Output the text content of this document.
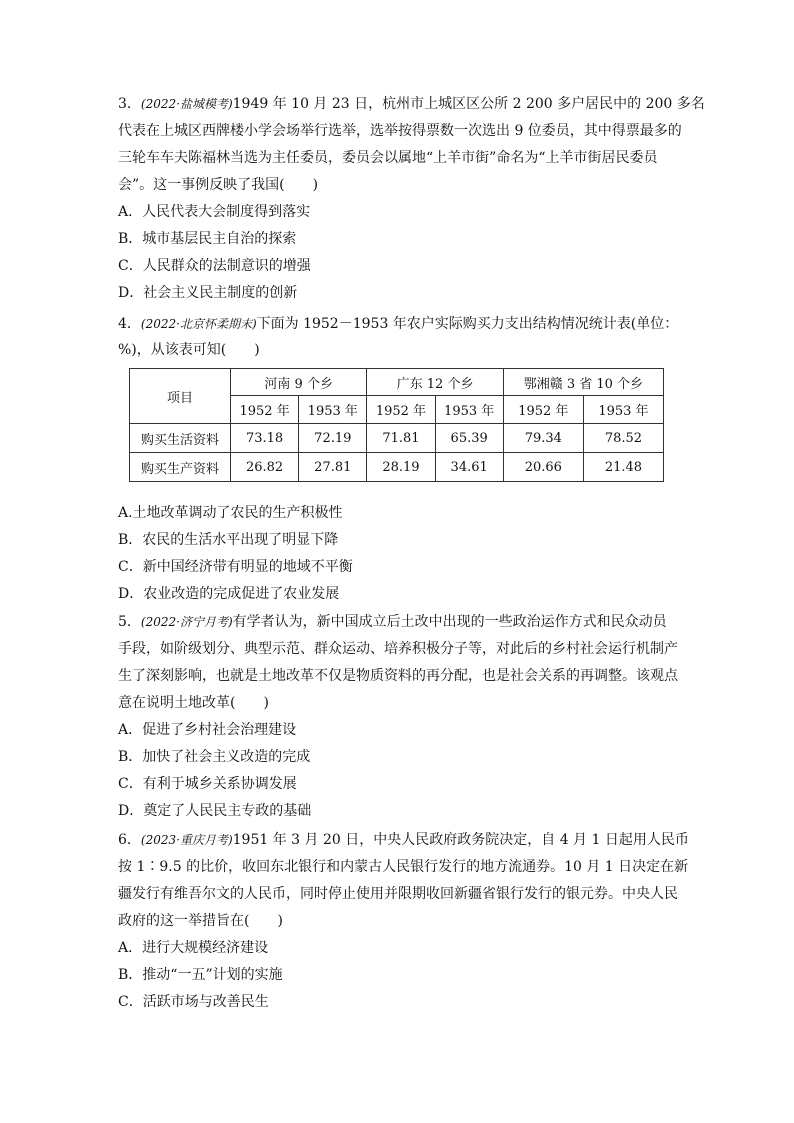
3．(2022·盐城模考)1949 年 10 月 23 日，杭州市上城区区公所 2 200 多户居民中的 200 多名
代表在上城区西牌楼小学会场举行选举，选举按得票数一次选出 9 位委员，其中得票最多的
三轮车车夫陈福林当选为主任委员，委员会以属地“上羊市街”命名为“上羊市街居民委员
会”。这一事例反映了我国(　　)
A．人民代表大会制度得到落实
B．城市基层民主自治的探索
C．人民群众的法制意识的增强
D．社会主义民主制度的创新
4．(2022·北京怀柔期末)下面为 1952－1953 年农户实际购买力支出结构情况统计表(单位：
%)，从该表可知(　　)
项目	河南 9 个乡		广东 12 个乡		鄂湘赣 3 省 10 个乡	
	1952 年	1953 年	1952 年	1953 年	1952 年	1953 年
购买生活资料	73.18	72.19	71.81	65.39	79.34	78.52
购买生产资料	26.82	27.81	28.19	34.61	20.66	21.48
A.土地改革调动了农民的生产积极性
B．农民的生活水平出现了明显下降
C．新中国经济带有明显的地域不平衡
D．农业改造的完成促进了农业发展
5．(2022·济宁月考)有学者认为，新中国成立后土改中出现的一些政治运作方式和民众动员
手段，如阶级划分、典型示范、群众运动、培养积极分子等，对此后的乡村社会运行机制产
生了深刻影响，也就是土地改革不仅是物质资料的再分配，也是社会关系的再调整。该观点
意在说明土地改革(　　)
A．促进了乡村社会治理建设
B．加快了社会主义改造的完成
C．有利于城乡关系协调发展
D．奠定了人民民主专政的基础
6．(2023·重庆月考)1951 年 3 月 20 日，中央人民政府政务院决定，自 4 月 1 日起用人民币
按 1∶9.5 的比价，收回东北银行和内蒙古人民银行发行的地方流通券。10 月 1 日决定在新
疆发行有维吾尔文的人民币，同时停止使用并限期收回新疆省银行发行的银元券。中央人民
政府的这一举措旨在(　　)
A．进行大规模经济建设
B．推动“一五”计划的实施
C．活跃市场与改善民生
